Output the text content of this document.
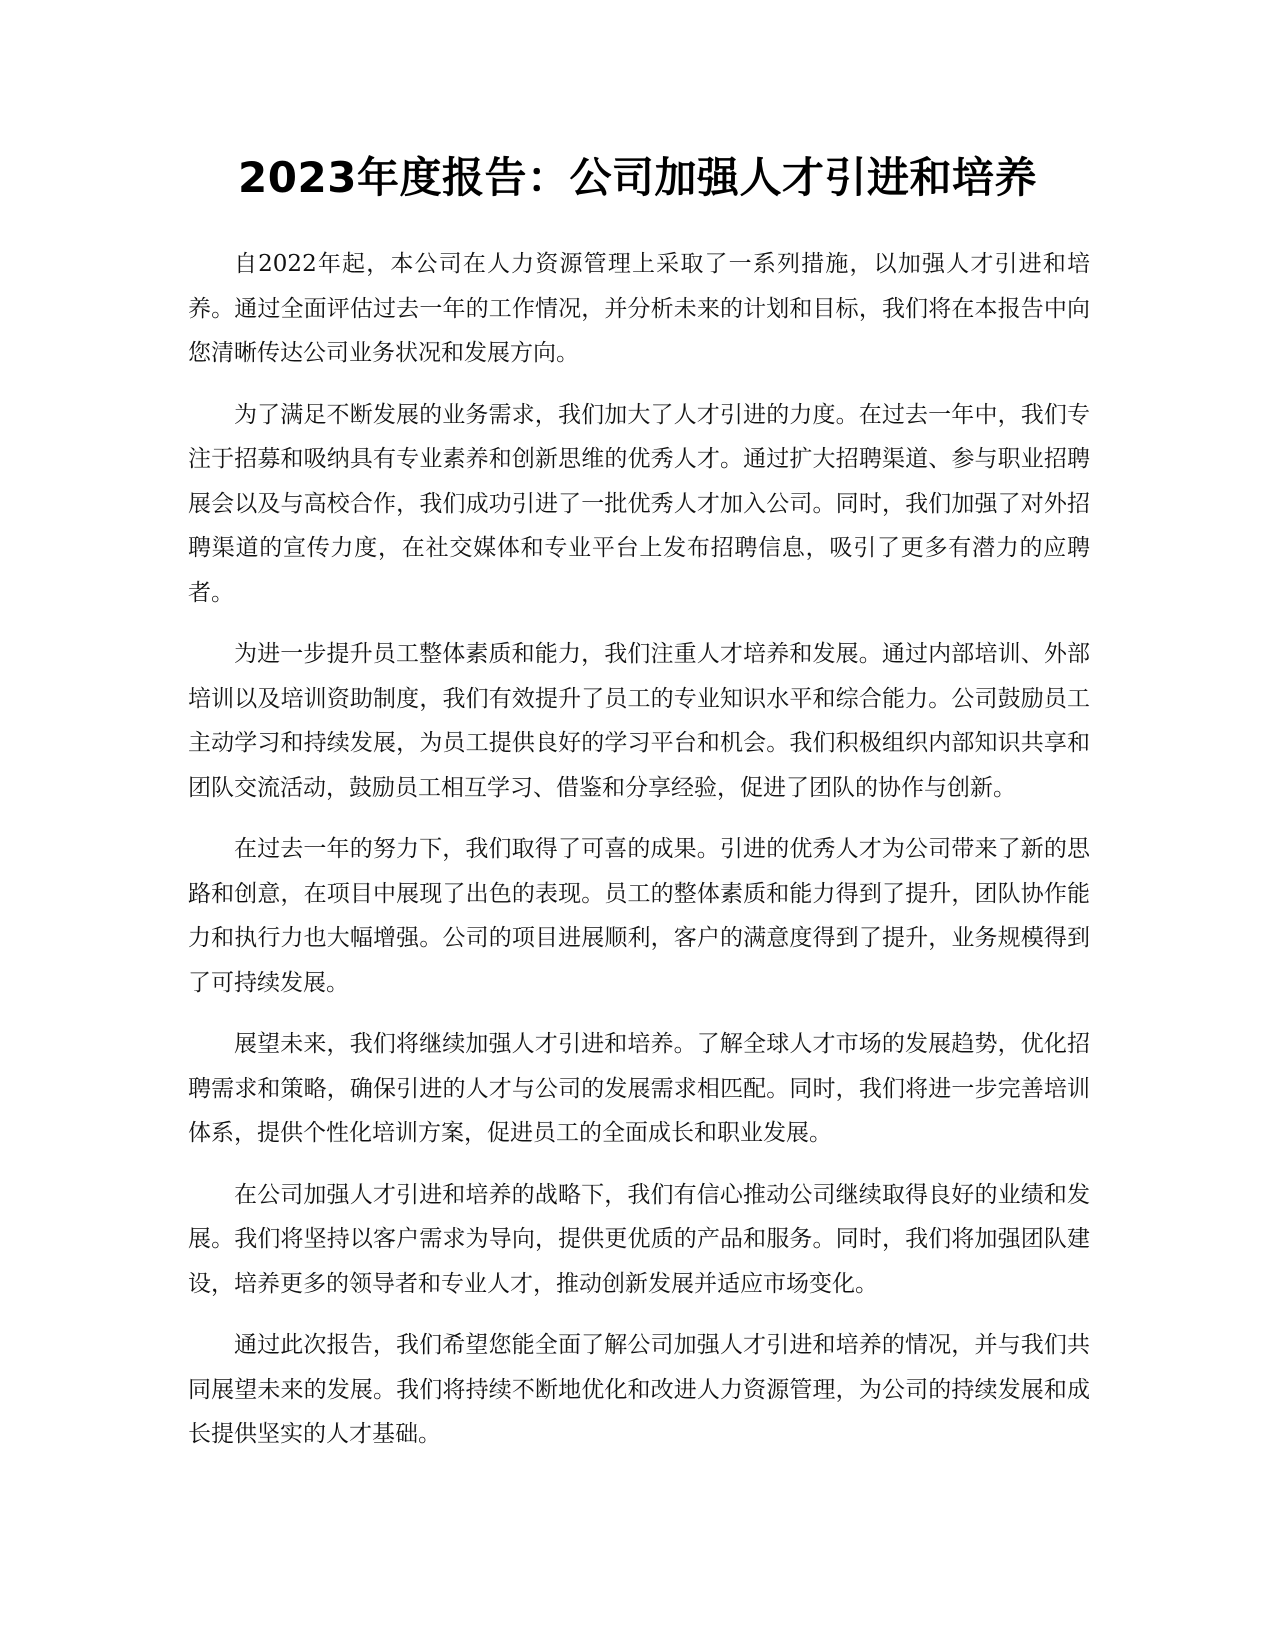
2023年度报告：公司加强人才引进和培养

自2022年起，本公司在人力资源管理上采取了一系列措施，以加强人才引进和培养。通过全面评估过去一年的工作情况，并分析未来的计划和目标，我们将在本报告中向您清晰传达公司业务状况和发展方向。

为了满足不断发展的业务需求，我们加大了人才引进的力度。在过去一年中，我们专注于招募和吸纳具有专业素养和创新思维的优秀人才。通过扩大招聘渠道、参与职业招聘展会以及与高校合作，我们成功引进了一批优秀人才加入公司。同时，我们加强了对外招聘渠道的宣传力度，在社交媒体和专业平台上发布招聘信息，吸引了更多有潜力的应聘者。

为进一步提升员工整体素质和能力，我们注重人才培养和发展。通过内部培训、外部培训以及培训资助制度，我们有效提升了员工的专业知识水平和综合能力。公司鼓励员工主动学习和持续发展，为员工提供良好的学习平台和机会。我们积极组织内部知识共享和团队交流活动，鼓励员工相互学习、借鉴和分享经验，促进了团队的协作与创新。

在过去一年的努力下，我们取得了可喜的成果。引进的优秀人才为公司带来了新的思路和创意，在项目中展现了出色的表现。员工的整体素质和能力得到了提升，团队协作能力和执行力也大幅增强。公司的项目进展顺利，客户的满意度得到了提升，业务规模得到了可持续发展。

展望未来，我们将继续加强人才引进和培养。了解全球人才市场的发展趋势，优化招聘需求和策略，确保引进的人才与公司的发展需求相匹配。同时，我们将进一步完善培训体系，提供个性化培训方案，促进员工的全面成长和职业发展。

在公司加强人才引进和培养的战略下，我们有信心推动公司继续取得良好的业绩和发展。我们将坚持以客户需求为导向，提供更优质的产品和服务。同时，我们将加强团队建设，培养更多的领导者和专业人才，推动创新发展并适应市场变化。

通过此次报告，我们希望您能全面了解公司加强人才引进和培养的情况，并与我们共同展望未来的发展。我们将持续不断地优化和改进人力资源管理，为公司的持续发展和成长提供坚实的人才基础。
